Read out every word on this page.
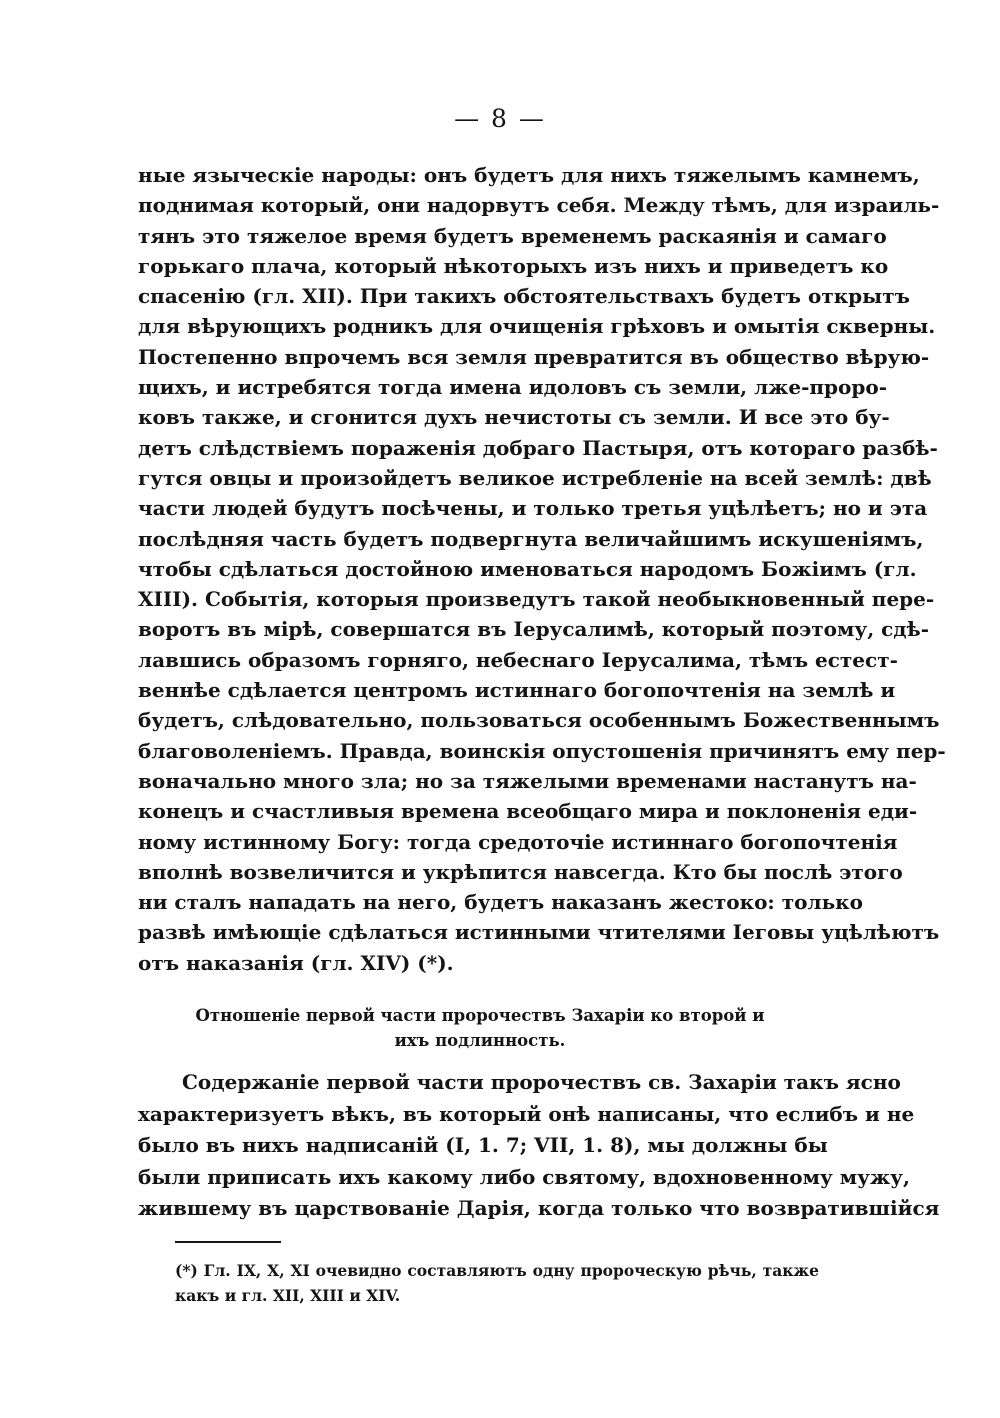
— 8 —
ные языческіе народы: онъ будетъ для нихъ тяжелымъ камнемъ,
поднимая который, они надорвутъ себя. Между тѣмъ, для израиль-
тянъ это тяжелое время будетъ временемъ раскаянія и самаго
горькаго плача, который нѣкоторыхъ изъ нихъ и приведетъ ко
спасенію (гл. XII). При такихъ обстоятельствахъ будетъ открытъ
для вѣрующихъ родникъ для очищенія грѣховъ и омытія скверны.
Постепенно впрочемъ вся земля превратится въ общество вѣрую-
щихъ, и истребятся тогда имена идоловъ съ земли, лже-проро-
ковъ также, и сгонится духъ нечистоты съ земли. И все это бу-
детъ слѣдствіемъ пораженія добраго Пастыря, отъ котораго разбѣ-
гутся овцы и произойдетъ великое истребленіе на всей землѣ: двѣ
части людей будутъ посѣчены, и только третья уцѣлѣетъ; но и эта
послѣдняя часть будетъ подвергнута величайшимъ искушеніямъ,
чтобы сдѣлаться достойною именоваться народомъ Божіимъ (гл.
XIII). Событія, которыя произведутъ такой необыкновенный пере-
воротъ въ мірѣ, совершатся въ Іерусалимѣ, который поэтому, сдѣ-
лавшись образомъ горняго, небеснаго Іерусалима, тѣмъ естест-
веннѣе сдѣлается центромъ истиннаго богопочтенія на землѣ и
будетъ, слѣдовательно, пользоваться особеннымъ Божественнымъ
благоволеніемъ. Правда, воинскія опустошенія причинятъ ему пер-
воначально много зла; но за тяжелыми временами настанутъ на-
конецъ и счастливыя времена всеобщаго мира и поклоненія еди-
ному истинному Богу: тогда средоточіе истиннаго богопочтенія
вполнѣ возвеличится и укрѣпится навсегда. Кто бы послѣ этого
ни сталъ нападать на него, будетъ наказанъ жестоко: только
развѣ имѣющіе сдѣлаться истинными чтителями Іеговы уцѣлѣютъ
отъ наказанія (гл. XIV) (*).
Отношеніе первой части пророчествъ Захаріи ко второй и
ихъ подлинность.
Содержаніе первой части пророчествъ св. Захаріи такъ ясно
характеризуетъ вѣкъ, въ который онѣ написаны, что еслибъ и не
было въ нихъ надписаній (I, 1. 7; VII, 1. 8), мы должны бы
были приписать ихъ какому либо святому, вдохновенному мужу,
жившему въ царствованіе Дарія, когда только что возвратившійся
(*) Гл. IX, X, XI очевидно составляютъ одну пророческую рѣчь, также
какъ и гл. XII, XIII и XIV.
